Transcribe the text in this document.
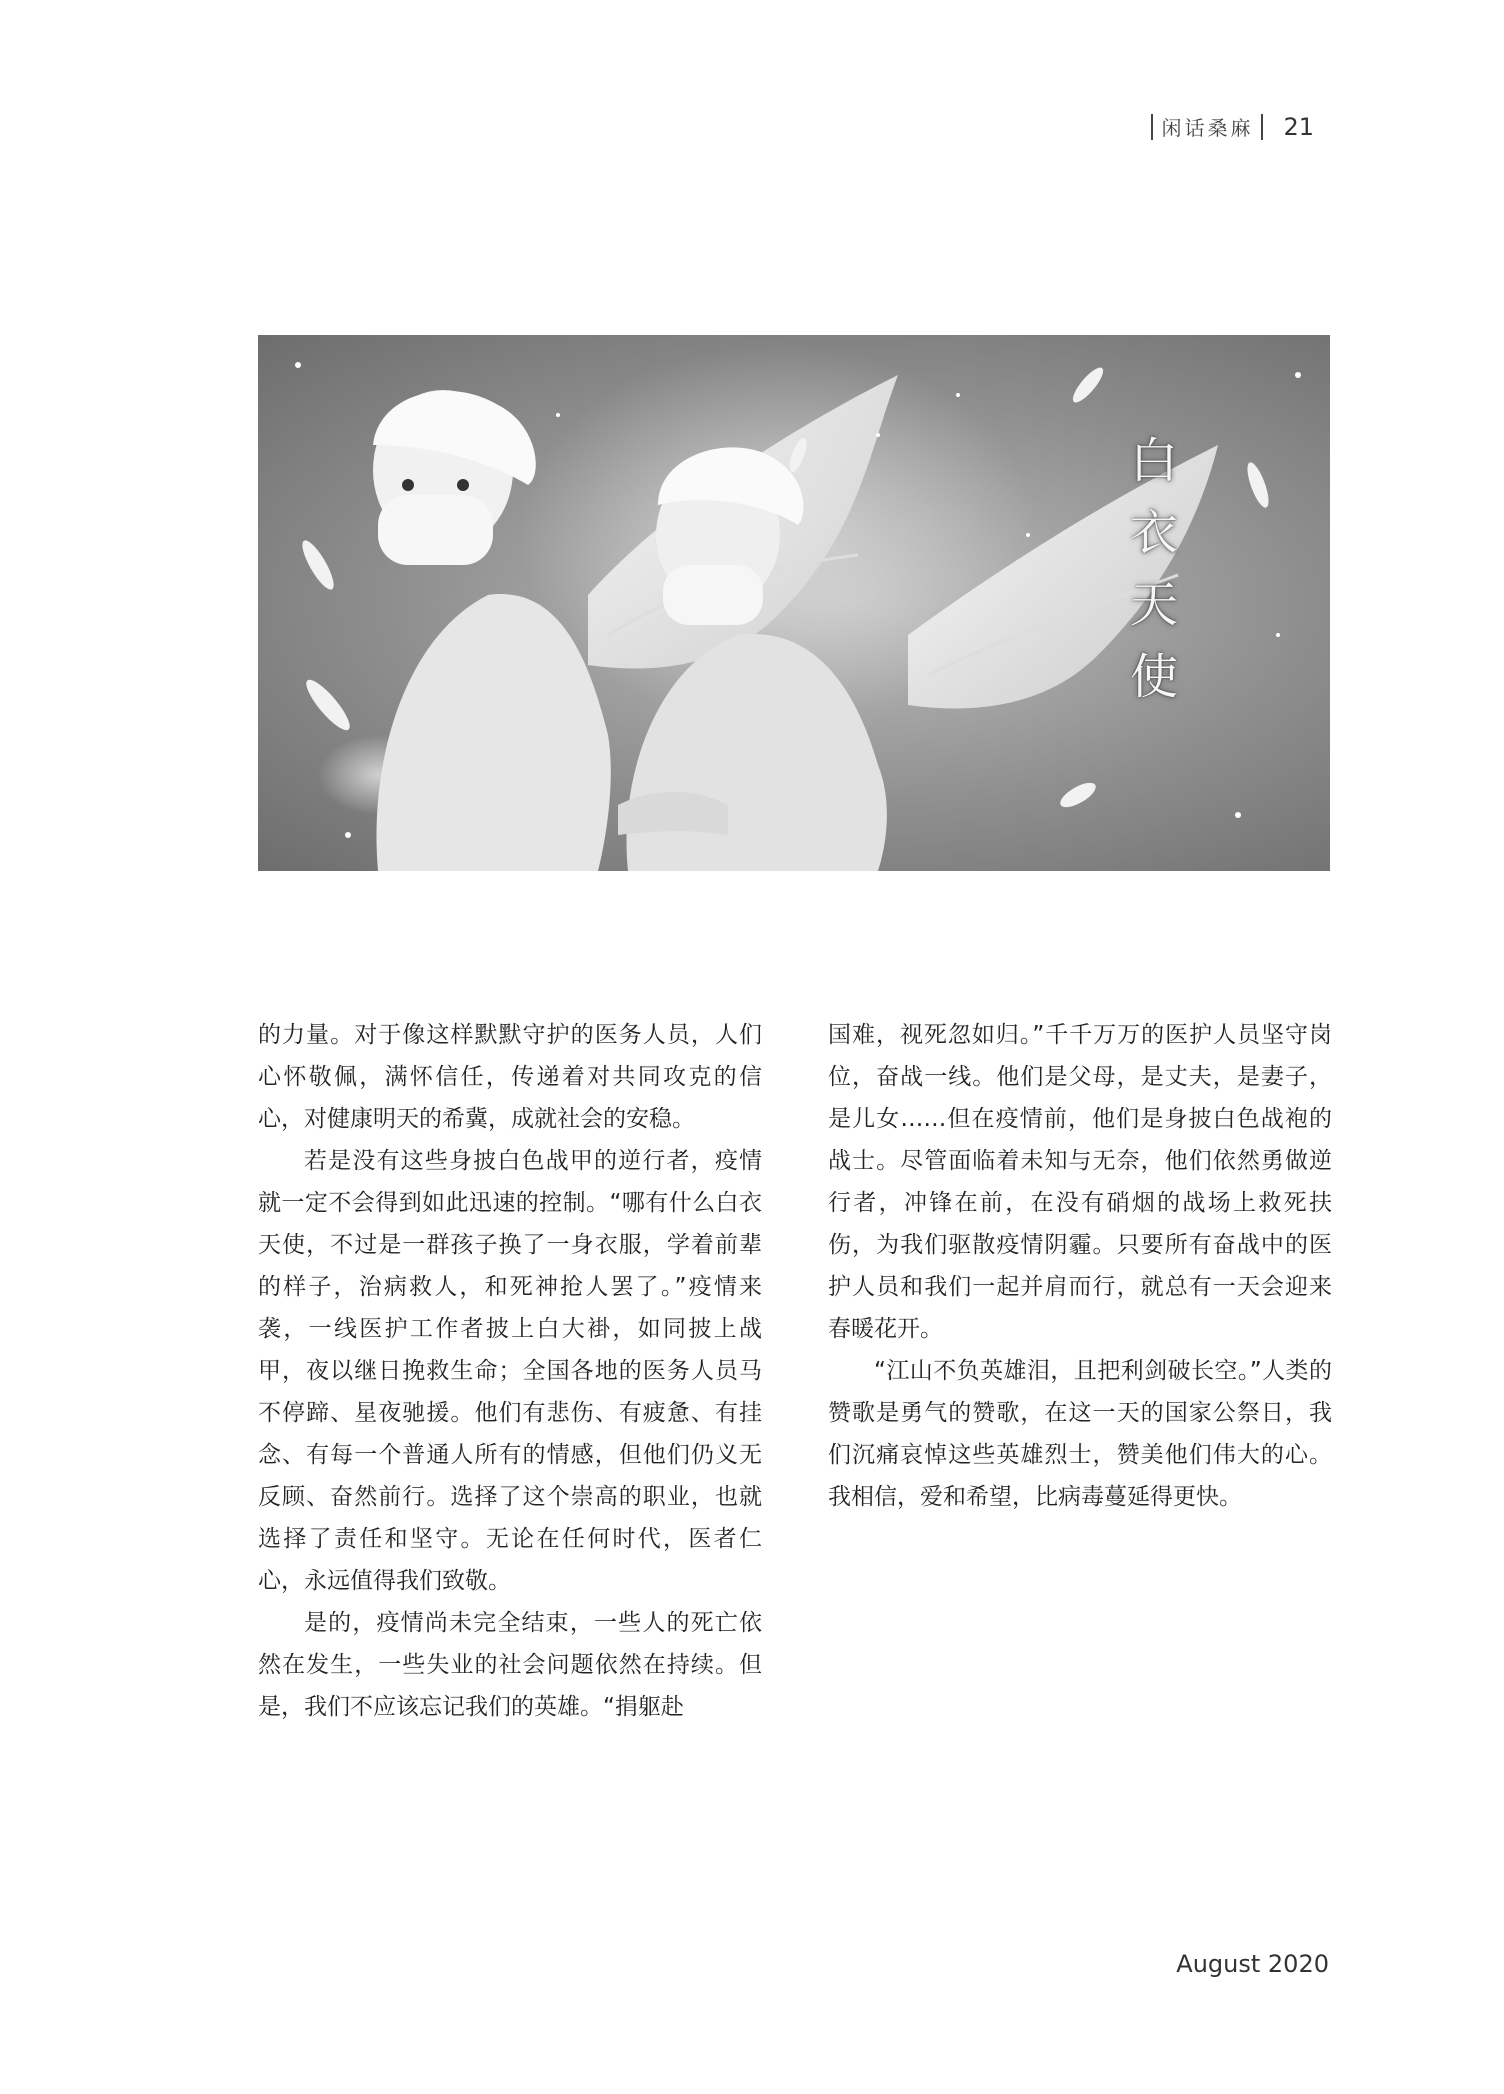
闲话桑麻 21
白
衣
天
使

的力量。对于像这样默默守护的医务人员，人们心怀敬佩，满怀信任，传递着对共同攻克的信心，对健康明天的希冀，成就社会的安稳。

若是没有这些身披白色战甲的逆行者，疫情就一定不会得到如此迅速的控制。“哪有什么白衣天使，不过是一群孩子换了一身衣服，学着前辈的样子，治病救人，和死神抢人罢了。”疫情来袭，一线医护工作者披上白大褂，如同披上战甲，夜以继日挽救生命；全国各地的医务人员马不停蹄、星夜驰援。他们有悲伤、有疲惫、有挂念、有每一个普通人所有的情感，但他们仍义无反顾、奋然前行。选择了这个崇高的职业，也就选择了责任和坚守。无论在任何时代，医者仁心，永远值得我们致敬。

是的，疫情尚未完全结束，一些人的死亡依然在发生，一些失业的社会问题依然在持续。但是，我们不应该忘记我们的英雄。“捐躯赴

国难，视死忽如归。”千千万万的医护人员坚守岗位，奋战一线。他们是父母，是丈夫，是妻子，是儿女……但在疫情前，他们是身披白色战袍的战士。尽管面临着未知与无奈，他们依然勇做逆行者，冲锋在前，在没有硝烟的战场上救死扶伤，为我们驱散疫情阴霾。只要所有奋战中的医护人员和我们一起并肩而行，就总有一天会迎来春暖花开。

“江山不负英雄泪，且把利剑破长空。”人类的赞歌是勇气的赞歌，在这一天的国家公祭日，我们沉痛哀悼这些英雄烈士，赞美他们伟大的心。我相信，爱和希望，比病毒蔓延得更快。

August 2020
